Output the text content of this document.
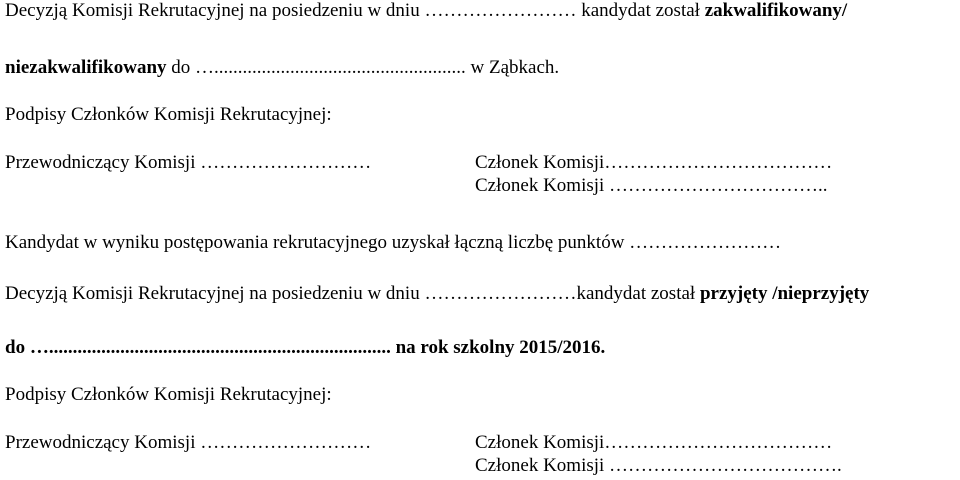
Decyzją Komisji Rekrutacyjnej na posiedzeniu w dniu …………………… kandydat został zakwalifikowany/
niezakwalifikowany do …..................................................... w Ząbkach.
Podpisy Członków Komisji Rekrutacyjnej:
Przewodniczący Komisji ………………………	Członek Komisji………………………………
Członek Komisji ……………………………..
Kandydat w wyniku postępowania rekrutacyjnego uzyskał łączną liczbę punktów ……………………
Decyzją Komisji Rekrutacyjnej na posiedzeniu w dniu ……………………kandydat został przyjęty /nieprzyjęty
do …........................................................................ na rok szkolny 2015/2016.
Podpisy Członków Komisji Rekrutacyjnej:
Przewodniczący Komisji ………………………	Członek Komisji………………………………
Członek Komisji ……………………………….
